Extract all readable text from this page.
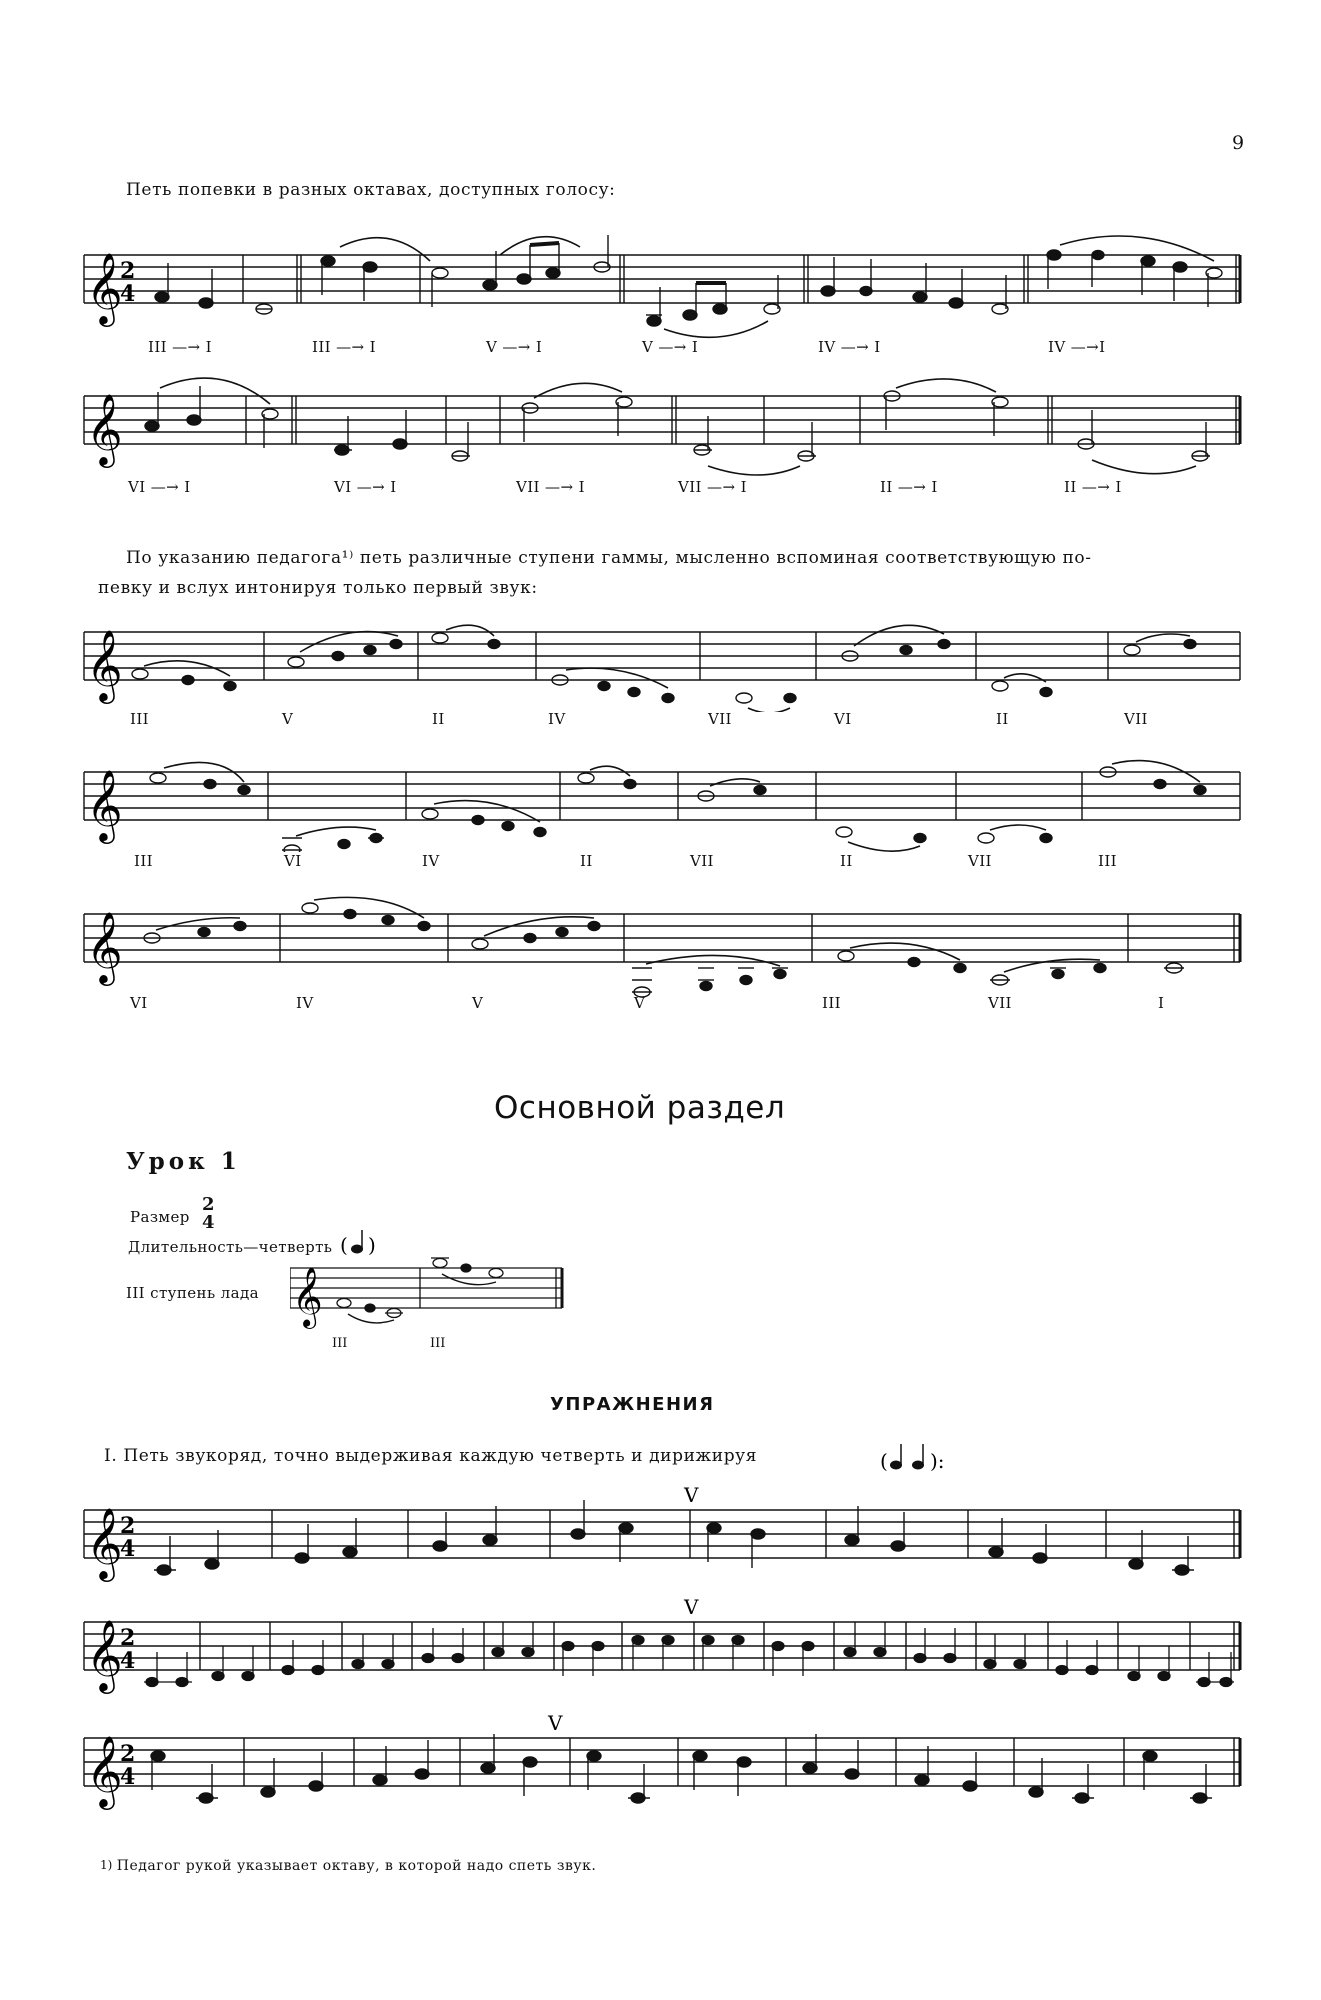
9
Петь попевки в разных октавах, доступных голосу:
𝄞
2
4
III —→ I	III —→ I	V —→ I	V —→ I	IV —→ I	IV —→I
𝄞
VI —→ I	VI —→ I	VII —→ I	VII —→ I	II —→ I	II —→ I
По указанию педагога¹⁾ петь различные ступени гаммы, мысленно вспоминая соответствующую по-
певку и вслух интонируя только первый звук:
𝄞
III	V	II	IV	VII	VI	II	VII
𝄞
III	VI	IV	II	VII	II	VII	III
𝄞
VI	IV	V	V	III	VII	I
Основной раздел
Урок 1
Размер
2
4
Длительность—четверть ( )
III ступень лада 𝄞
III	III
УПРАЖНЕНИЯ
I. Петь звукоряд, точно выдерживая каждую четверть и дирижируя	( ):
𝄞
2
4
V
𝄞
2
4
V
𝄞
2
4
V
1) Педагог рукой указывает октаву, в которой надо спеть звук.
